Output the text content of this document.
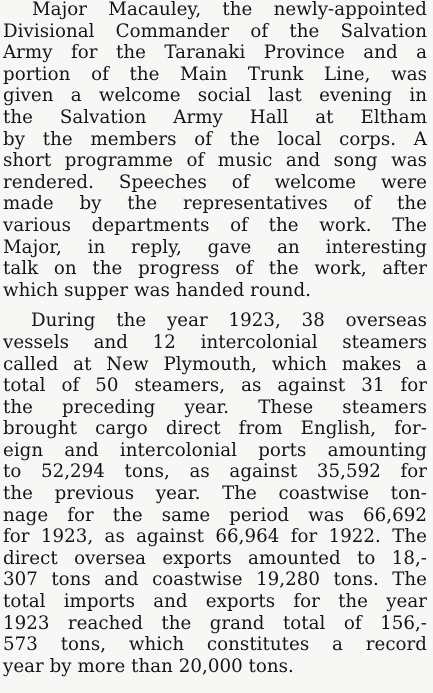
Major Macauley, the newly-appointed
Divisional Commander of the Salvation
Army for the Taranaki Province and a
portion of the Main Trunk Line, was
given a welcome social last evening in
the Salvation Army Hall at Eltham
by the members of the local corps. A
short programme of music and song was
rendered. Speeches of welcome were
made by the representatives of the
various departments of the work. The
Major, in reply, gave an interesting
talk on the progress of the work, after
which supper was handed round.
During the year 1923, 38 overseas
vessels and 12 intercolonial steamers
called at New Plymouth, which makes a
total of 50 steamers, as against 31 for
the preceding year. These steamers
brought cargo direct from English, for-
eign and intercolonial ports amounting
to 52,294 tons, as against 35,592 for
the previous year. The coastwise ton-
nage for the same period was 66,692
for 1923, as against 66,964 for 1922. The
direct oversea exports amounted to 18,-
307 tons and coastwise 19,280 tons. The
total imports and exports for the year
1923 reached the grand total of 156,-
573 tons, which constitutes a record
year by more than 20,000 tons.
